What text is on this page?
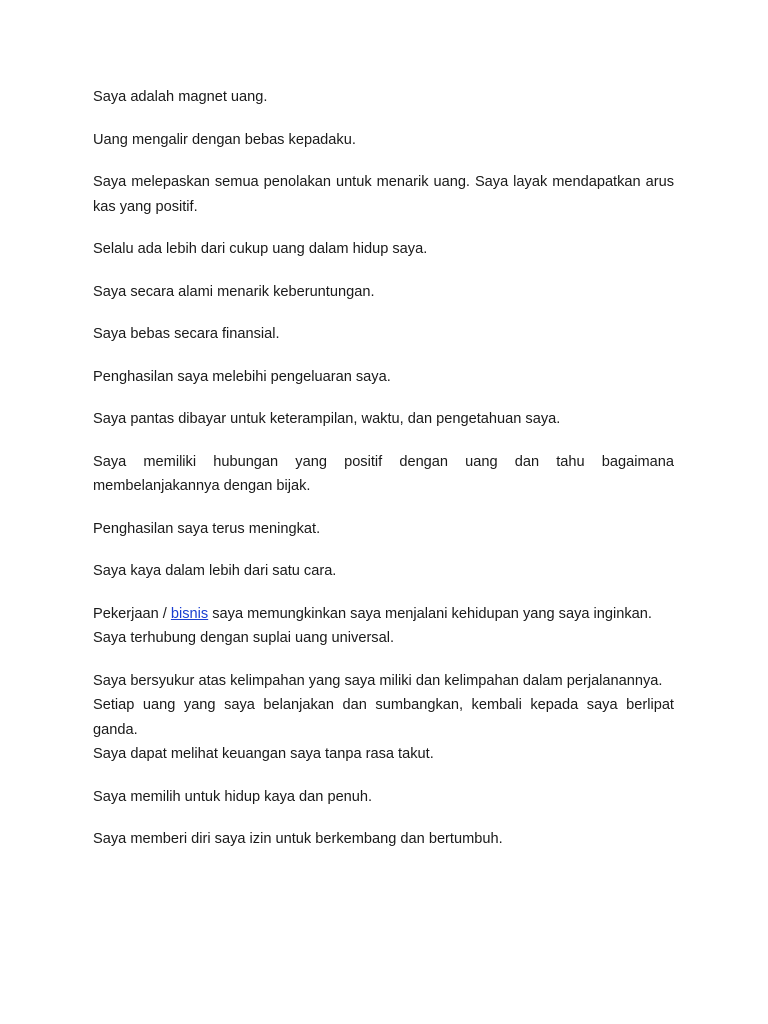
Saya adalah magnet uang.

Uang mengalir dengan bebas kepadaku.

Saya melepaskan semua penolakan untuk menarik uang. Saya layak mendapatkan arus kas yang positif.

Selalu ada lebih dari cukup uang dalam hidup saya.

Saya secara alami menarik keberuntungan.

Saya bebas secara finansial.

Penghasilan saya melebihi pengeluaran saya.

Saya pantas dibayar untuk keterampilan, waktu, dan pengetahuan saya.

Saya memiliki hubungan yang positif dengan uang dan tahu bagaimana membelanjakannya dengan bijak.

Penghasilan saya terus meningkat.

Saya kaya dalam lebih dari satu cara.

Pekerjaan / bisnis saya memungkinkan saya menjalani kehidupan yang saya inginkan.

Saya terhubung dengan suplai uang universal.

Saya bersyukur atas kelimpahan yang saya miliki dan kelimpahan dalam perjalanannya.

Setiap uang yang saya belanjakan dan sumbangkan, kembali kepada saya berlipat ganda.

Saya dapat melihat keuangan saya tanpa rasa takut.

Saya memilih untuk hidup kaya dan penuh.

Saya memberi diri saya izin untuk berkembang dan bertumbuh.
